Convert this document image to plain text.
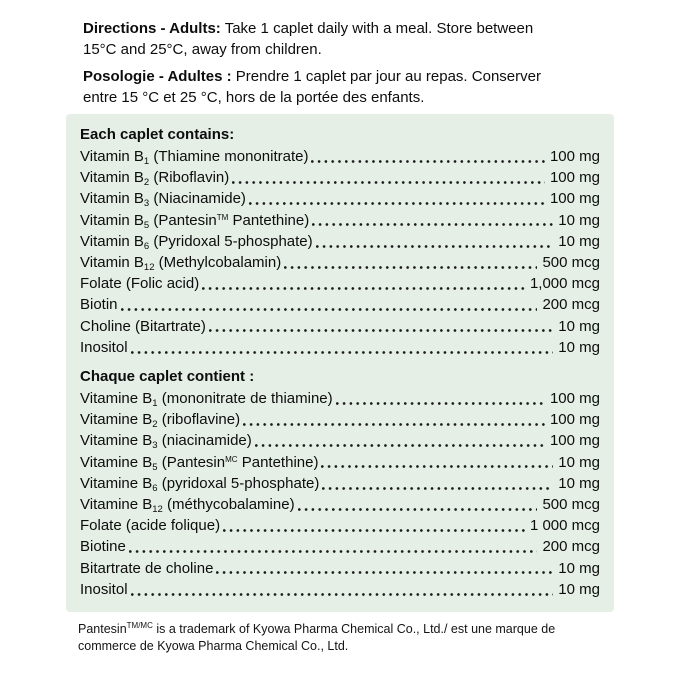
Directions - Adults: Take 1 caplet daily with a meal. Store between
15°C and 25°C, away from children.

Posologie - Adultes : Prendre 1 caplet par jour au repas. Conserver
entre 15 °C et 25 °C, hors de la portée des enfants.

Each caplet contains:
Vitamin $B_1$ (Thiamine mononitrate)	100 mg
Vitamin $B_2$ (Riboflavin)	100 mg
Vitamin $B_3$ (Niacinamide)	100 mg
Vitamin $B_5$ (Pantesin™ Pantethine)	10 mg
Vitamin $B_6$ (Pyridoxal 5-phosphate)	10 mg
Vitamin $B_{12}$ (Methylcobalamin)	500 mcg
Folate (Folic acid)	1,000 mcg
Biotin	200 mcg
Choline (Bitartrate)	10 mg
Inositol	10 mg
Chaque caplet contient :
Vitamine $B_1$ (mononitrate de thiamine)	100 mg
Vitamine $B_2$ (riboflavine)	100 mg
Vitamine $B_3$ (niacinamide)	100 mg
Vitamine $B_5$ (Pantesin$^{MC}$ Pantethine)	10 mg
Vitamine $B_6$ (pyridoxal 5-phosphate)	10 mg
Vitamine $B_{12}$ (méthycobalamine)	500 mcg
Folate (acide folique)	1 000 mcg
Biotine	200 mcg
Bitartrate de choline	10 mg
Inositol	10 mg
Pantesin$^{TM/MC}$ is a trademark of Kyowa Pharma Chemical Co., Ltd./ est une marque de
commerce de Kyowa Pharma Chemical Co., Ltd.
